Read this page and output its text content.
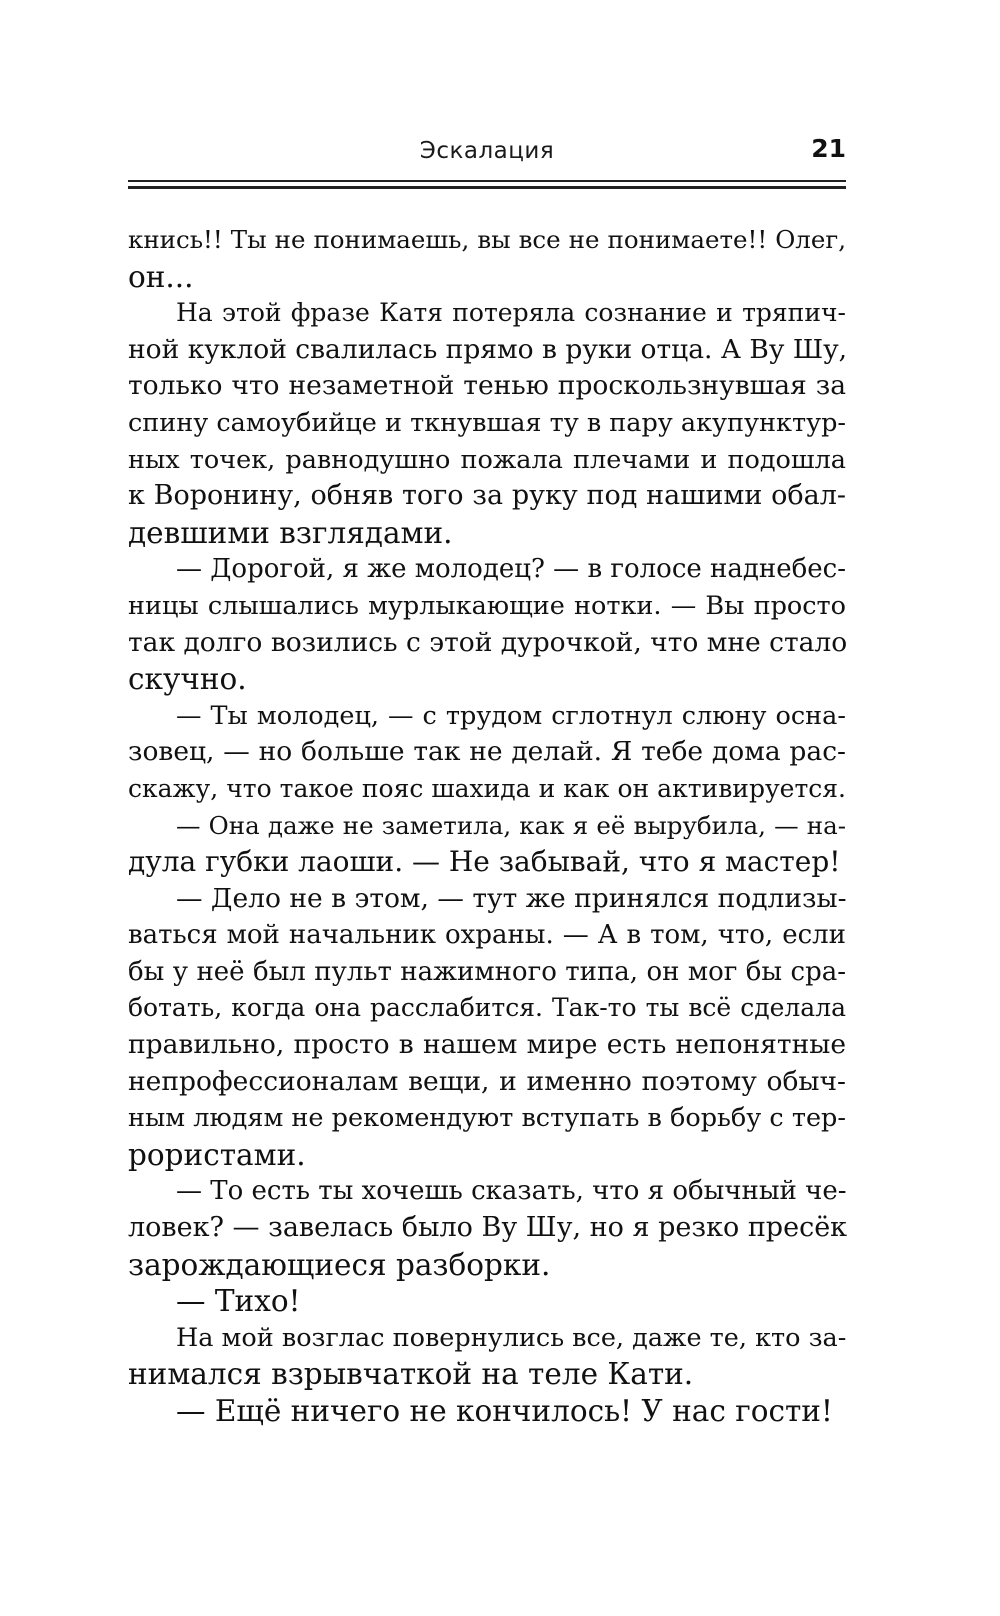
Эскалация	21
кнись!! Ты не понимаешь, вы все не понимаете!! Олег,
он...
На этой фразе Катя потеряла сознание и тряпич-
ной куклой свалилась прямо в руки отца. А Ву Шу,
только что незаметной тенью проскользнувшая за
спину самоубийце и ткнувшая ту в пару акупунктур-
ных точек, равнодушно пожала плечами и подошла
к Воронину, обняв того за руку под нашими обал-
девшими взглядами.
— Дорогой, я же молодец? — в голосе наднебес-
ницы слышались мурлыкающие нотки. — Вы просто
так долго возились с этой дурочкой, что мне стало
скучно.
— Ты молодец, — с трудом сглотнул слюну осна-
зовец, — но больше так не делай. Я тебе дома рас-
скажу, что такое пояс шахида и как он активируется.
— Она даже не заметила, как я её вырубила, — на-
дула губки лаоши. — Не забывай, что я мастер!
— Дело не в этом, — тут же принялся подлизы-
ваться мой начальник охраны. — А в том, что, если
бы у неё был пульт нажимного типа, он мог бы сра-
ботать, когда она расслабится. Так-то ты всё сделала
правильно, просто в нашем мире есть непонятные
непрофессионалам вещи, и именно поэтому обыч-
ным людям не рекомендуют вступать в борьбу с тер-
рористами.
— То есть ты хочешь сказать, что я обычный че-
ловек? — завелась было Ву Шу, но я резко пресёк
зарождающиеся разборки.
— Тихо!
На мой возглас повернулись все, даже те, кто за-
нимался взрывчаткой на теле Кати.
— Ещё ничего не кончилось! У нас гости!
